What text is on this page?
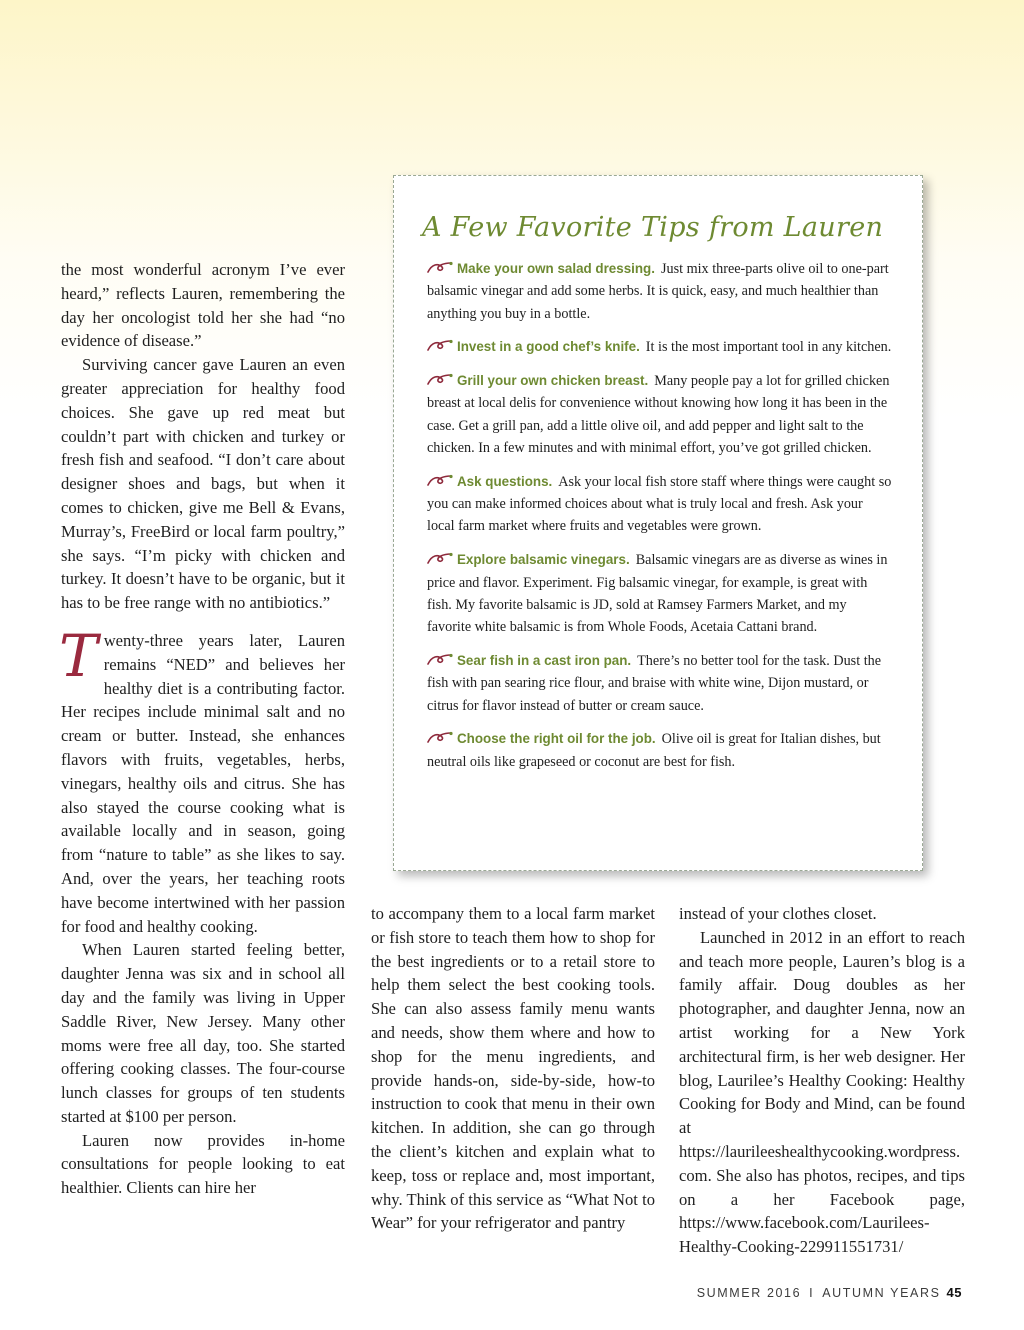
the most wonderful acronym I’ve ever heard,” reflects Lauren, remembering the day her oncologist told her she had “no evidence of disease.”

Surviving cancer gave Lauren an even greater appreciation for healthy food choices. She gave up red meat but couldn’t part with chicken and turkey or fresh fish and seafood. “I don’t care about designer shoes and bags, but when it comes to chicken, give me Bell & Evans, Murray’s, FreeBird or local farm poultry,” she says. “I’m picky with chicken and turkey. It doesn’t have to be organic, but it has to be free range with no antibiotics.”

Twenty-three years later, Lauren remains “NED” and believes her healthy diet is a contributing factor. Her recipes include minimal salt and no cream or butter. Instead, she enhances flavors with fruits, vegetables, herbs, vinegars, healthy oils and citrus. She has also stayed the course cooking what is available locally and in season, going from “nature to table” as she likes to say. And, over the years, her teaching roots have become intertwined with her passion for food and healthy cooking.

When Lauren started feeling better, daughter Jenna was six and in school all day and the family was living in Upper Saddle River, New Jersey. Many other moms were free all day, too. She started offering cooking classes. The four-course lunch classes for groups of ten students started at $100 per person.

Lauren now provides in-home consultations for people looking to eat healthier. Clients can hire her

A Few Favorite Tips from Lauren

Make your own salad dressing. Just mix three-parts olive oil to one-part balsamic vinegar and add some herbs. It is quick, easy, and much healthier than anything you buy in a bottle.

Invest in a good chef’s knife. It is the most important tool in any kitchen.

Grill your own chicken breast. Many people pay a lot for grilled chicken breast at local delis for convenience without knowing how long it has been in the case. Get a grill pan, add a little olive oil, and add pepper and light salt to the chicken. In a few minutes and with minimal effort, you’ve got grilled chicken.

Ask questions. Ask your local fish store staff where things were caught so you can make informed choices about what is truly local and fresh. Ask your local farm market where fruits and vegetables were grown.

Explore balsamic vinegars. Balsamic vinegars are as diverse as wines in price and flavor. Experiment. Fig balsamic vinegar, for example, is great with fish. My favorite balsamic is JD, sold at Ramsey Farmers Market, and my favorite white balsamic is from Whole Foods, Acetaia Cattani brand.

Sear fish in a cast iron pan. There’s no better tool for the task. Dust the fish with pan searing rice flour, and braise with white wine, Dijon mustard, or citrus for flavor instead of butter or cream sauce.

Choose the right oil for the job. Olive oil is great for Italian dishes, but neutral oils like grapeseed or coconut are best for fish.

to accompany them to a local farm market or fish store to teach them how to shop for the best ingredients or to a retail store to help them select the best cooking tools. She can also assess family menu wants and needs, show them where and how to shop for the menu ingredients, and provide hands-on, side-by-side, how-to instruction to cook that menu in their own kitchen. In addition, she can go through the client’s kitchen and explain what to keep, toss or replace and, most important, why. Think of this service as “What Not to Wear” for your refrigerator and pantry

instead of your clothes closet.

Launched in 2012 in an effort to reach and teach more people, Lauren’s blog is a family affair. Doug doubles as her photographer, and daughter Jenna, now an artist working for a New York architectural firm, is her web designer. Her blog, Laurilee’s Healthy Cooking: Healthy Cooking for Body and Mind, can be found at https://laurileeshealthycooking.wordpress.com. She also has photos, recipes, and tips on a her Facebook page, https://www.facebook.com/Laurilees-Healthy-Cooking-229911551731/

SUMMER 2016 I AUTUMN YEARS 45
